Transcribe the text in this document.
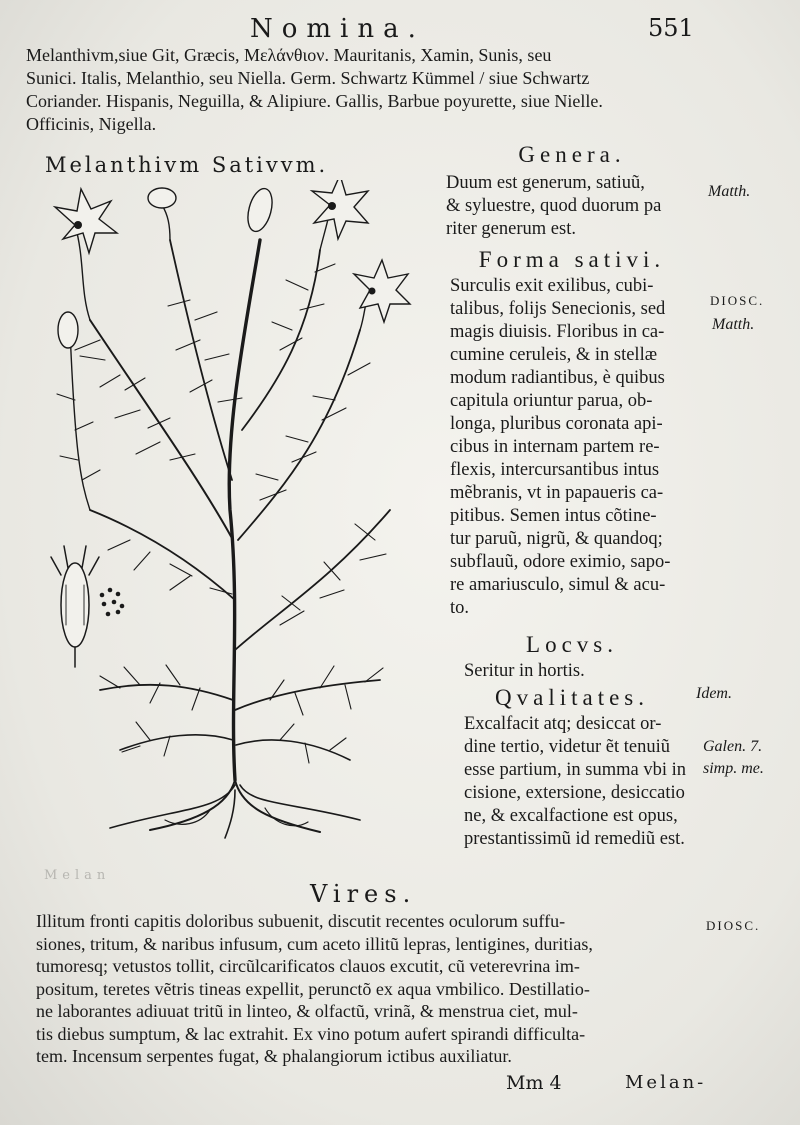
Nomina.	551

Melanthivm,siue Git, Græcis, Μελάνθιον. Mauritanis, Xamin, Sunis, seu

Sunici. Italis, Melanthio, seu Niella. Germ. Schwartz Kümmel / siue Schwartz

Coriander. Hispanis, Neguilla, & Alipiure. Gallis, Barbue poyurette, siue Nielle.

Officinis, Nigella.

Melanthivm Sativvm.	Genera.

Duum est generum, satiuũ,

& syluestre, quod duorum pa

riter generum est.

Forma sativi.

Surculis exit exilibus, cubi-

talibus, folijs Senecionis, sed

magis diuisis. Floribus in ca-

cumine ceruleis, & in stellæ

modum radiantibus, è quibus

capitula oriuntur parua, ob-

longa, pluribus coronata api-

cibus in internam partem re-

flexis, intercursantibus intus

mẽbranis, vt in papaueris ca-

pitibus. Semen intus cõtine-

tur paruũ, nigrũ, & quandoq;

subflauũ, odore eximio, sapo-

re amariusculo, simul & acu-

to.

Locvs.

Seritur in hortis.

Qvalitates.

Excalfacit atq; desiccat or-

dine tertio, videtur ẽt tenuiũ

esse partium, in summa vbi in

cisione, extersione, desiccatio

ne, & excalfactione est opus,

prestantissimũ id remediũ est.

Matth.
DIOSC.
Matth.
Idem.
Galen. 7.
simp. me.
Melan
Vires.
DIOSC.

Illitum fronti capitis doloribus subuenit, discutit recentes oculorum suffu-

siones, tritum, & naribus infusum, cum aceto illitũ lepras, lentigines, duritias,

tumoresq; vetustos tollit, circũlcarificatos clauos excutit, cũ veterevrina im-

positum, teretes vẽtris tineas expellit, perunctõ ex aqua vmbilico. Destillatio-

ne laborantes adiuuat tritũ in linteo, & olfactũ, vrinã, & menstrua ciet, mul-

tis diebus sumptum, & lac extrahit. Ex vino potum aufert spirandi difficulta-

tem. Incensum serpentes fugat, & phalangiorum ictibus auxiliatur.

Mm 4	Melan-
